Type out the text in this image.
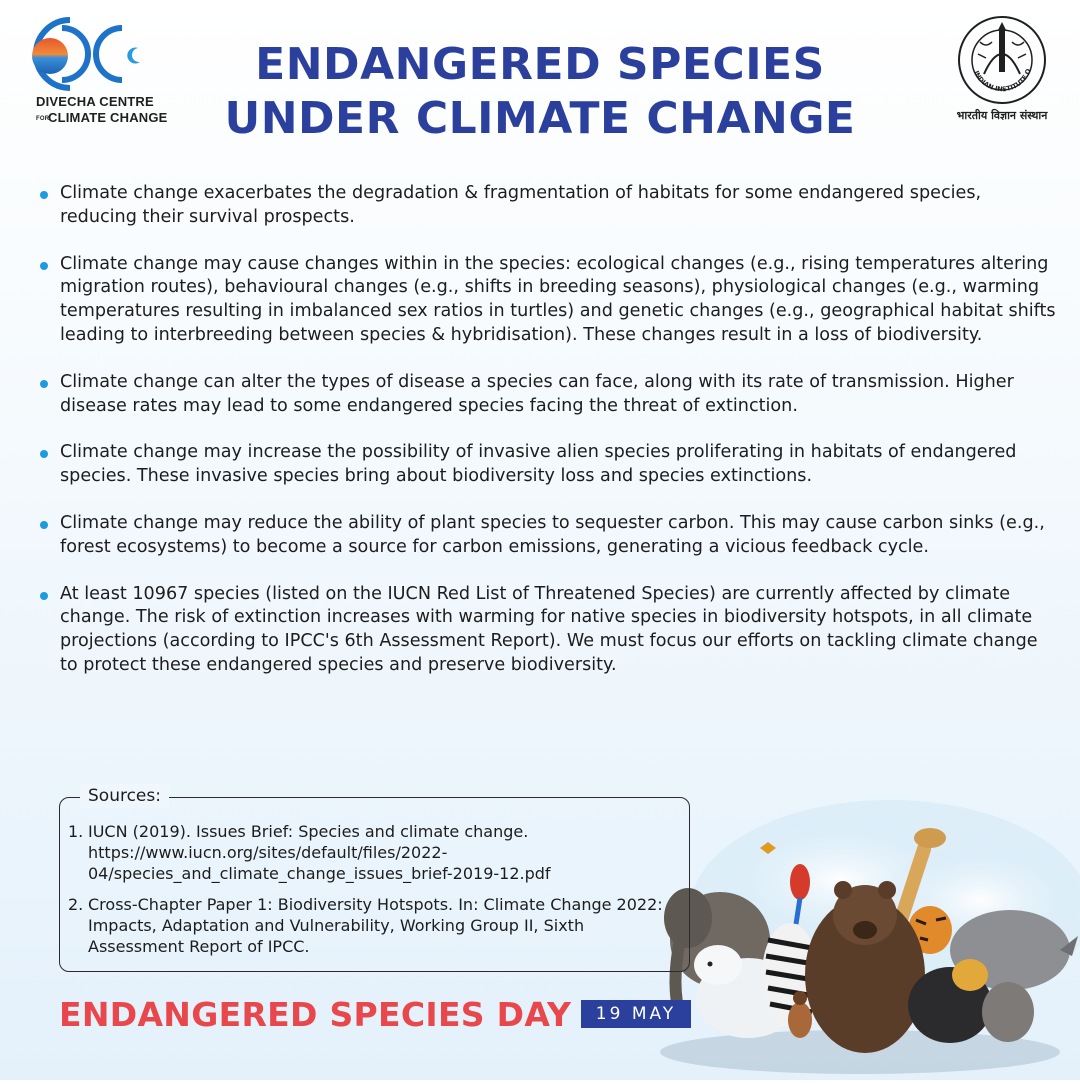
DIVECHA CENTRE
FORCLIMATE CHANGE
ENDANGERED SPECIES
UNDER CLIMATE CHANGE
INDIAN INSTITUTE O
भारतीय विज्ञान संस्थान
Climate change exacerbates the degradation & fragmentation of habitats for some endangered species, reducing their survival prospects.
Climate change may cause changes within in the species: ecological changes (e.g., rising temperatures altering migration routes), behavioural changes (e.g., shifts in breeding seasons), physiological changes (e.g., warming temperatures resulting in imbalanced sex ratios in turtles) and genetic changes (e.g., geographical habitat shifts leading to interbreeding between species & hybridisation). These changes result in a loss of biodiversity.
Climate change can alter the types of disease a species can face, along with its rate of transmission. Higher disease rates may lead to some endangered species facing the threat of extinction.
Climate change may increase the possibility of invasive alien species proliferating in habitats of endangered species. These invasive species bring about biodiversity loss and species extinctions.
Climate change may reduce the ability of plant species to sequester carbon. This may cause carbon sinks (e.g., forest ecosystems) to become a source for carbon emissions, generating a vicious feedback cycle.
At least 10967 species (listed on the IUCN Red List of Threatened Species) are currently affected by climate change. The risk of extinction increases with warming for native species in biodiversity hotspots, in all climate projections (according to IPCC's 6th Assessment Report). We must focus our efforts on tackling climate change to protect these endangered species and preserve biodiversity.
Sources:
1. IUCN (2019). Issues Brief: Species and climate change. https://www.iucn.org/sites/default/files/2022-04/species_and_climate_change_issues_brief-2019-12.pdf
2. Cross-Chapter Paper 1: Biodiversity Hotspots. In: Climate Change 2022: Impacts, Adaptation and Vulnerability, Working Group II, Sixth Assessment Report of IPCC.
ENDANGERED SPECIES DAY	19 MAY
